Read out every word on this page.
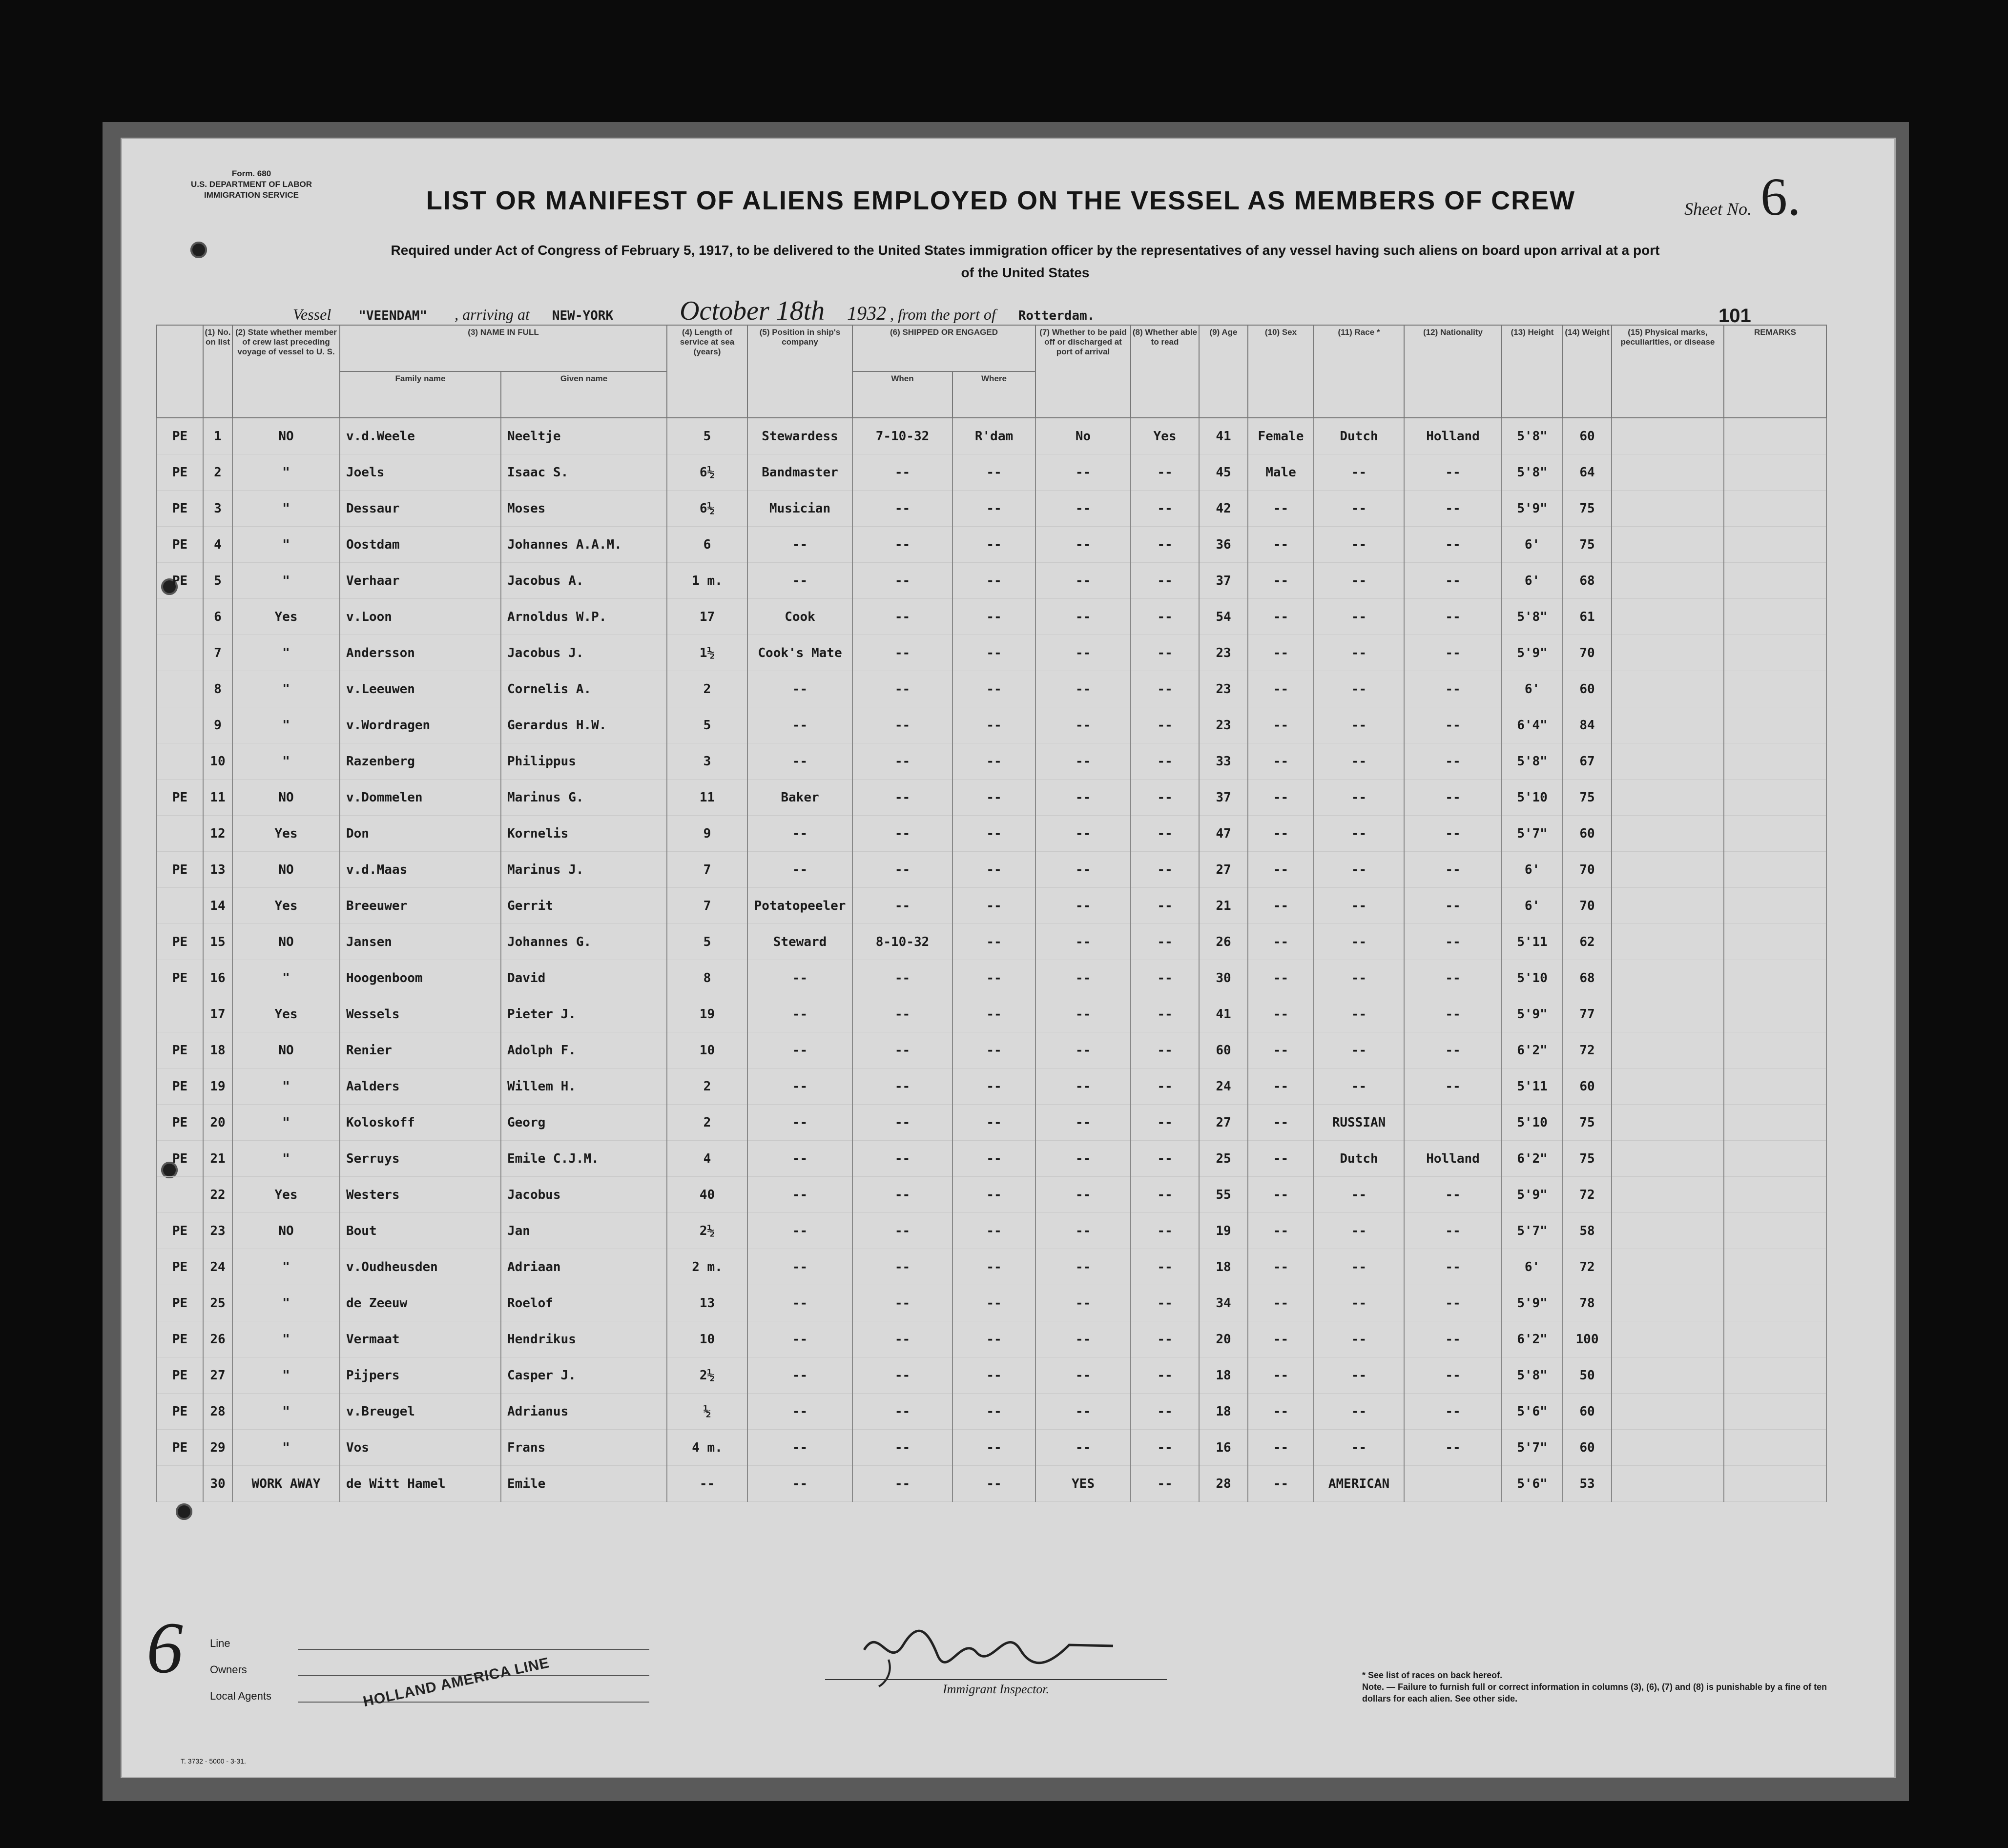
Form. 680
U.S. DEPARTMENT OF LABOR
IMMIGRATION SERVICE
Sheet No. 6.
LIST OR MANIFEST OF ALIENS EMPLOYED ON THE VESSEL AS MEMBERS OF CREW
Required under Act of Congress of February 5, 1917, to be delivered to the United States immigration officer by the representatives of any vessel having such aliens on board upon arrival at a port
of the United States
Vessel "VEENDAM" , arriving at NEW-YORK October 18th 1932 , from the port of Rotterdam.	101
	(1) No. on list	(2) State whether member of crew last preceding voyage of vessel to U. S.	(3) NAME IN FULL		(4) Length of service at sea (years)	(5) Position in ship's company	(6) SHIPPED OR ENGAGED		(7) Whether to be paid off or discharged at port of arrival	(8) Whether able to read	(9) Age	(10) Sex	(11) Race *	(12) Nationality	(13) Height	(14) Weight	(15) Physical marks, peculiarities, or disease	REMARKS
			Family name	Given name			When	Where										
PE	1	NO	v.d.Weele	Neeltje	5	Stewardess	7-10-32	R'dam	No	Yes	41	Female	Dutch	Holland	5'8"	60		
PE	2	"	Joels	Isaac S.	6½	Bandmaster	--	--	--	--	45	Male	--	--	5'8"	64		
PE	3	"	Dessaur	Moses	6½	Musician	--	--	--	--	42	--	--	--	5'9"	75		
PE	4	"	Oostdam	Johannes A.A.M.	6	--	--	--	--	--	36	--	--	--	6'	75		
PE	5	"	Verhaar	Jacobus A.	1 m.	--	--	--	--	--	37	--	--	--	6'	68		
	6	Yes	v.Loon	Arnoldus W.P.	17	Cook	--	--	--	--	54	--	--	--	5'8"	61		
	7	"	Andersson	Jacobus J.	1½	Cook's Mate	--	--	--	--	23	--	--	--	5'9"	70		
	8	"	v.Leeuwen	Cornelis A.	2	--	--	--	--	--	23	--	--	--	6'	60		
	9	"	v.Wordragen	Gerardus H.W.	5	--	--	--	--	--	23	--	--	--	6'4"	84		
	10	"	Razenberg	Philippus	3	--	--	--	--	--	33	--	--	--	5'8"	67		
PE	11	NO	v.Dommelen	Marinus G.	11	Baker	--	--	--	--	37	--	--	--	5'10	75		
	12	Yes	Don	Kornelis	9	--	--	--	--	--	47	--	--	--	5'7"	60		
PE	13	NO	v.d.Maas	Marinus J.	7	--	--	--	--	--	27	--	--	--	6'	70		
	14	Yes	Breeuwer	Gerrit	7	Potatopeeler	--	--	--	--	21	--	--	--	6'	70		
PE	15	NO	Jansen	Johannes G.	5	Steward	8-10-32	--	--	--	26	--	--	--	5'11	62		
PE	16	"	Hoogenboom	David	8	--	--	--	--	--	30	--	--	--	5'10	68		
	17	Yes	Wessels	Pieter J.	19	--	--	--	--	--	41	--	--	--	5'9"	77		
PE	18	NO	Renier	Adolph F.	10	--	--	--	--	--	60	--	--	--	6'2"	72		
PE	19	"	Aalders	Willem H.	2	--	--	--	--	--	24	--	--	--	5'11	60		
PE	20	"	Koloskoff	Georg	2	--	--	--	--	--	27	--	RUSSIAN		5'10	75		
PE	21	"	Serruys	Emile C.J.M.	4	--	--	--	--	--	25	--	Dutch	Holland	6'2"	75		
	22	Yes	Westers	Jacobus	40	--	--	--	--	--	55	--	--	--	5'9"	72		
PE	23	NO	Bout	Jan	2½	--	--	--	--	--	19	--	--	--	5'7"	58		
PE	24	"	v.Oudheusden	Adriaan	2 m.	--	--	--	--	--	18	--	--	--	6'	72		
PE	25	"	de Zeeuw	Roelof	13	--	--	--	--	--	34	--	--	--	5'9"	78		
PE	26	"	Vermaat	Hendrikus	10	--	--	--	--	--	20	--	--	--	6'2"	100		
PE	27	"	Pijpers	Casper J.	2½	--	--	--	--	--	18	--	--	--	5'8"	50		
PE	28	"	v.Breugel	Adrianus	½	--	--	--	--	--	18	--	--	--	5'6"	60		
PE	29	"	Vos	Frans	4 m.	--	--	--	--	--	16	--	--	--	5'7"	60		
	30	WORK AWAY	de Witt Hamel	Emile	--	--	--	--	YES	--	28	--	AMERICAN		5'6"	53		
6	Line
Owners
Local Agents	HOLLAND AMERICA LINE	Immigrant Inspector.
* See list of races on back hereof.
Note. — Failure to furnish full or correct information in columns (3), (6), (7) and (8) is punishable by a fine of ten dollars for each alien. See other side.
T. 3732 - 5000 - 3-31.
